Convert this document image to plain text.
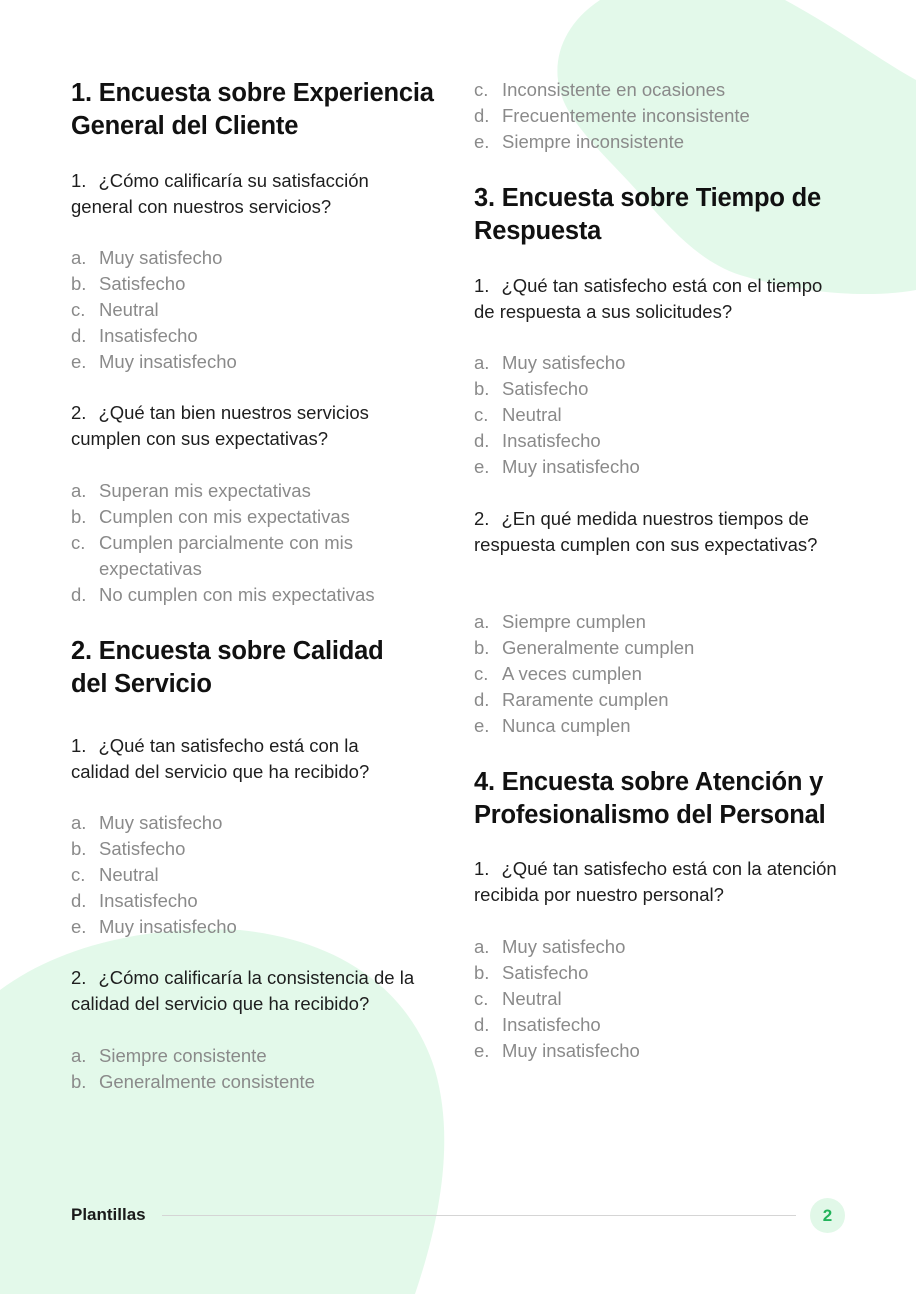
1. Encuesta sobre Experiencia General del Cliente

1. ¿Cómo calificaría su satisfacción general con nuestros servicios?

a. Muy satisfecho
b. Satisfecho
c. Neutral
d. Insatisfecho
e. Muy insatisfecho

2. ¿Qué tan bien nuestros servicios cumplen con sus expectativas?

a. Superan mis expectativas
b. Cumplen con mis expectativas
c. Cumplen parcialmente con mis expectativas
d. No cumplen con mis expectativas
2. Encuesta sobre Calidad del Servicio

1. ¿Qué tan satisfecho está con la calidad del servicio que ha recibido?

a. Muy satisfecho
b. Satisfecho
c. Neutral
d. Insatisfecho
e. Muy insatisfecho

2. ¿Cómo calificaría la consistencia de la calidad del servicio que ha recibido?

a. Siempre consistente
b. Generalmente consistente
c. Inconsistente en ocasiones
d. Frecuentemente inconsistente
e. Siempre inconsistente
3. Encuesta sobre Tiempo de Respuesta

1. ¿Qué tan satisfecho está con el tiempo de respuesta a sus solicitudes?

a. Muy satisfecho
b. Satisfecho
c. Neutral
d. Insatisfecho
e. Muy insatisfecho

2. ¿En qué medida nuestros tiempos de respuesta cumplen con sus expectativas?

a. Siempre cumplen
b. Generalmente cumplen
c. A veces cumplen
d. Raramente cumplen
e. Nunca cumplen
4. Encuesta sobre Atención y Profesionalismo del Personal

1. ¿Qué tan satisfecho está con la atención recibida por nuestro personal?

a. Muy satisfecho
b. Satisfecho
c. Neutral
d. Insatisfecho
e. Muy insatisfecho
Plantillas	2
